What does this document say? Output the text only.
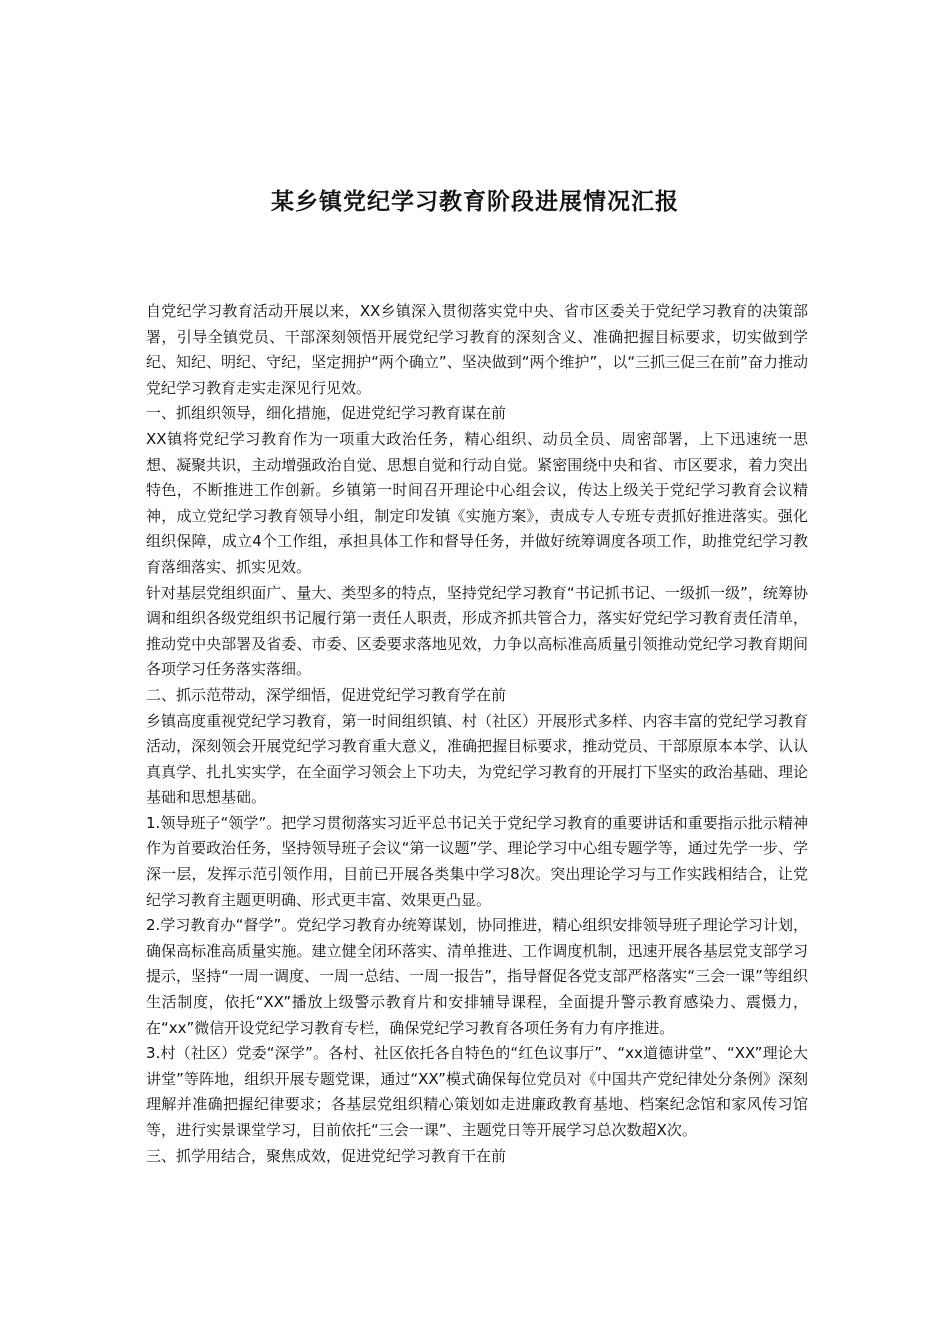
某乡镇党纪学习教育阶段进展情况汇报

自党纪学习教育活动开展以来，XX乡镇深入贯彻落实党中央、省市区委关于党纪学习教育的决策部署，引导全镇党员、干部深刻领悟开展党纪学习教育的深刻含义、准确把握目标要求，切实做到学纪、知纪、明纪、守纪，坚定拥护“两个确立”、坚决做到“两个维护”，以“三抓三促三在前”奋力推动党纪学习教育走实走深见行见效。

一、抓组织领导，细化措施，促进党纪学习教育谋在前

XX镇将党纪学习教育作为一项重大政治任务，精心组织、动员全员、周密部署，上下迅速统一思想、凝聚共识，主动增强政治自觉、思想自觉和行动自觉。紧密围绕中央和省、市区要求，着力突出特色，不断推进工作创新。乡镇第一时间召开理论中心组会议，传达上级关于党纪学习教育会议精神，成立党纪学习教育领导小组，制定印发镇《实施方案》，责成专人专班专责抓好推进落实。强化组织保障，成立4个工作组，承担具体工作和督导任务，并做好统筹调度各项工作，助推党纪学习教育落细落实、抓实见效。

针对基层党组织面广、量大、类型多的特点，坚持党纪学习教育“书记抓书记、一级抓一级”，统筹协调和组织各级党组织书记履行第一责任人职责，形成齐抓共管合力，落实好党纪学习教育责任清单，推动党中央部署及省委、市委、区委要求落地见效，力争以高标准高质量引领推动党纪学习教育期间各项学习任务落实落细。

二、抓示范带动，深学细悟，促进党纪学习教育学在前

乡镇高度重视党纪学习教育，第一时间组织镇、村（社区）开展形式多样、内容丰富的党纪学习教育活动，深刻领会开展党纪学习教育重大意义，准确把握目标要求，推动党员、干部原原本本学、认认真真学、扎扎实实学，在全面学习领会上下功夫，为党纪学习教育的开展打下坚实的政治基础、理论基础和思想基础。

1.领导班子“领学”。把学习贯彻落实习近平总书记关于党纪学习教育的重要讲话和重要指示批示精神作为首要政治任务，坚持领导班子会议“第一议题”学、理论学习中心组专题学等，通过先学一步、学深一层，发挥示范引领作用，目前已开展各类集中学习8次。突出理论学习与工作实践相结合，让党纪学习教育主题更明确、形式更丰富、效果更凸显。

2.学习教育办“督学”。党纪学习教育办统筹谋划，协同推进，精心组织安排领导班子理论学习计划，确保高标准高质量实施。建立健全闭环落实、清单推进、工作调度机制，迅速开展各基层党支部学习提示，坚持“一周一调度、一周一总结、一周一报告”，指导督促各党支部严格落实“三会一课”等组织生活制度，依托“XX”播放上级警示教育片和安排辅导课程，全面提升警示教育感染力、震慑力，在“xx”微信开设党纪学习教育专栏，确保党纪学习教育各项任务有力有序推进。

3.村（社区）党委“深学”。各村、社区依托各自特色的“红色议事厅”、“xx道德讲堂”、“XX”理论大讲堂”等阵地，组织开展专题党课，通过“XX”模式确保每位党员对《中国共产党纪律处分条例》深刻理解并准确把握纪律要求；各基层党组织精心策划如走进廉政教育基地、档案纪念馆和家风传习馆等，进行实景课堂学习，目前依托“三会一课”、主题党日等开展学习总次数超X次。

三、抓学用结合，聚焦成效，促进党纪学习教育干在前
